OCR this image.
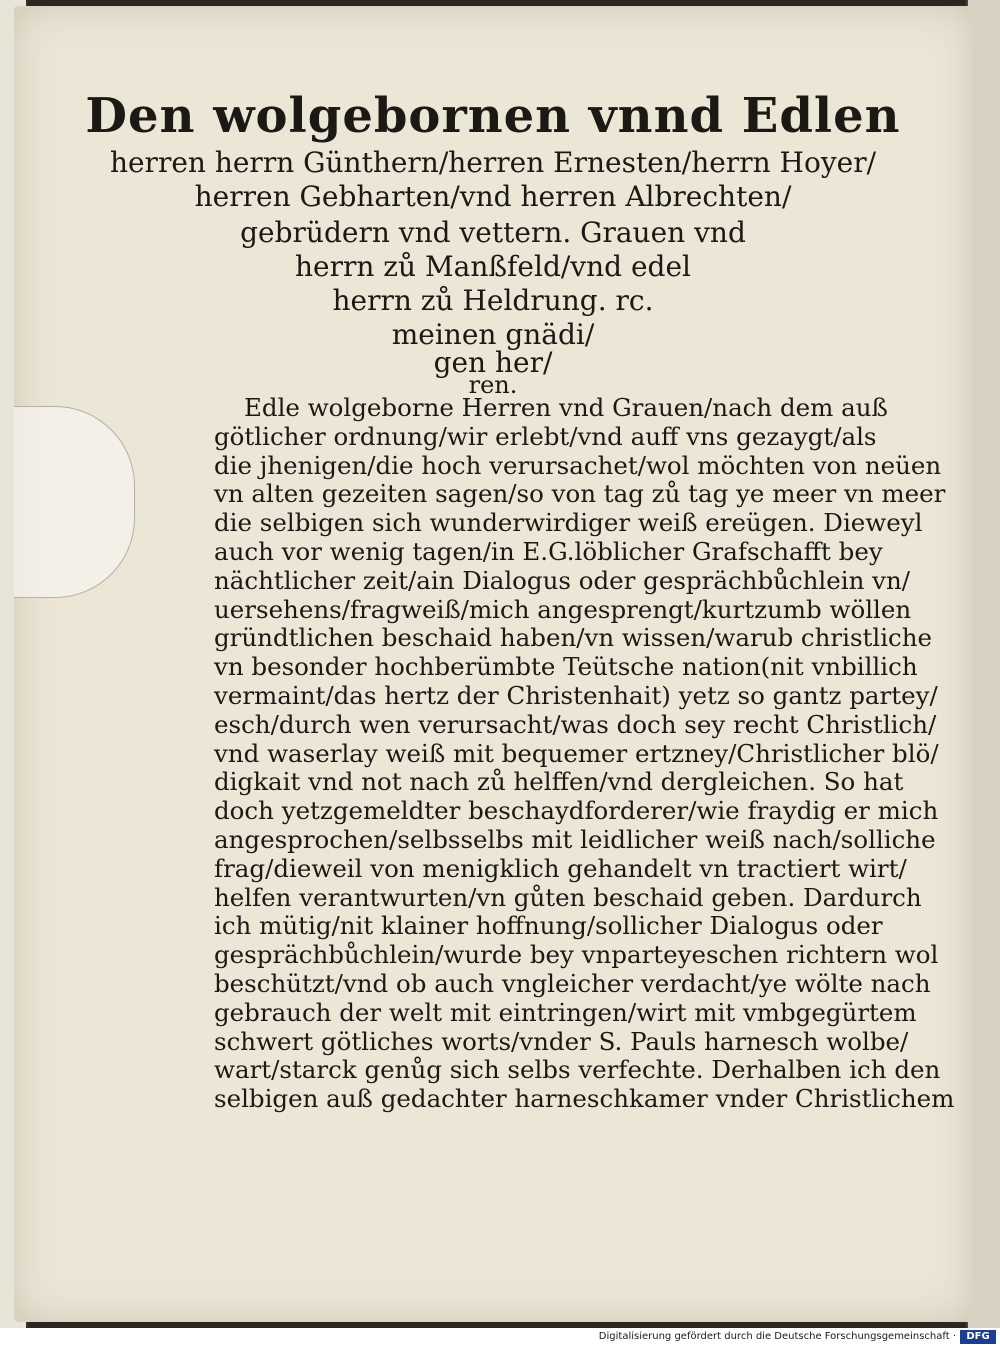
Den wolgebornen vnnd Edlen
herren herrn Günthern/herren Ernesten/herrn Hoyer/
herren Gebharten/vnd herren Albrechten/
gebrüdern vnd vettern. Grauen vnd
herrn zů Manßfeld/vnd edel
herrn zů Heldrung. rc.
meinen gnädi/
gen her/
ren.
Edle wolgeborne Herren vnd Grauen/nach dem auß
götlicher ordnung/wir erlebt/vnd auff vns gezaygt/als
die jhenigen/die hoch verursachet/wol möchten von neüen
vn alten gezeiten sagen/so von tag zů tag ye meer vn meer
die selbigen sich wunderwirdiger weiß ereügen. Dieweyl
auch vor wenig tagen/in E.G.löblicher Grafschafft bey
nächtlicher zeit/ain Dialogus oder gesprächbůchlein vn/
uersehens/fragweiß/mich angesprengt/kurtzumb wöllen
gründtlichen beschaid haben/vn wissen/warub christliche
vn besonder hochberümbte Teütsche nation(nit vnbillich
vermaint/das hertz der Christenhait) yetz so gantz partey/
esch/durch wen verursacht/was doch sey recht Christlich/
vnd waserlay weiß mit bequemer ertzney/Christlicher blö/
digkait vnd not nach zů helffen/vnd dergleichen. So hat
doch yetzgemeldter beschaydforderer/wie fraydig er mich
angesprochen/selbsselbs mit leidlicher weiß nach/solliche
frag/dieweil von menigklich gehandelt vn tractiert wirt/
helfen verantwurten/vn gůten beschaid geben. Dardurch
ich mütig/nit klainer hoffnung/sollicher Dialogus oder
gesprächbůchlein/wurde bey vnparteyeschen richtern wol
beschützt/vnd ob auch vngleicher verdacht/ye wölte nach
gebrauch der welt mit eintringen/wirt mit vmbgegürtem
schwert götliches worts/vnder S. Pauls harnesch wolbe/
wart/starck genůg sich selbs verfechte. Derhalben ich den
selbigen auß gedachter harneschkamer vnder Christlichem
Digitalisierung gefördert durch die Deutsche Forschungsgemeinschaft ·	DFG
